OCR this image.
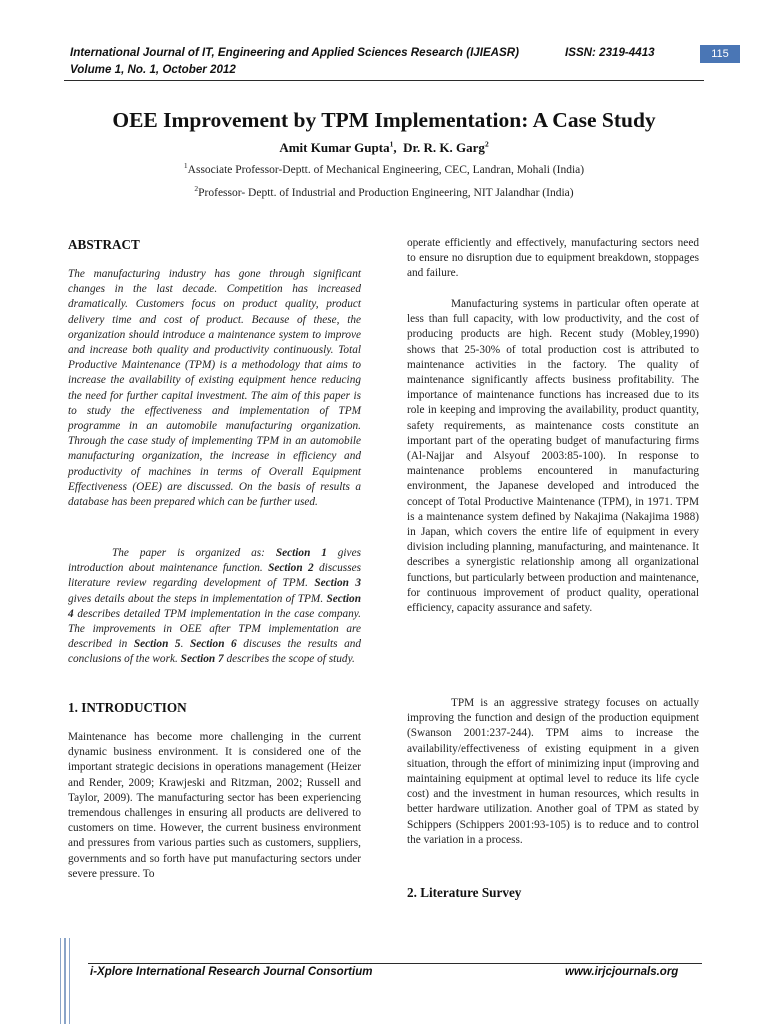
International Journal of IT, Engineering and Applied Sciences Research (IJIEASR)
Volume 1, No. 1, October 2012
ISSN: 2319-4413	115
OEE Improvement by TPM Implementation: A Case Study
Amit Kumar Gupta$^1$,  Dr. R. K. Garg$^2$
$^1$Associate Professor-Deptt. of Mechanical Engineering, CEC, Landran, Mohali (India)
$^2$Professor- Deptt. of Industrial and Production Engineering, NIT Jalandhar (India)
ABSTRACT
The manufacturing industry has gone through significant changes in the last decade. Competition has increased dramatically. Customers focus on product quality, product delivery time and cost of product. Because of these, the organization should introduce a maintenance system to improve and increase both quality and productivity continuously. Total Productive Maintenance (TPM) is a methodology that aims to increase the availability of existing equipment hence reducing the need for further capital investment. The aim of this paper is to study the effectiveness and implementation of TPM programme in an automobile manufacturing organization. Through the case study of implementing TPM in an automobile manufacturing organization, the increase in efficiency and productivity of machines in terms of Overall Equipment Effectiveness (OEE) are discussed. On the basis of results a database has been prepared which can be further used.
The paper is organized as: Section 1 gives introduction about maintenance function. Section 2 discusses literature review regarding development of TPM. Section 3 gives details about the steps in implementation of TPM. Section 4 describes detailed TPM implementation in the case company. The improvements in OEE after TPM implementation are described in Section 5. Section 6 discuses the results and conclusions of the work. Section 7 describes the scope of study.
1. INTRODUCTION
Maintenance has become more challenging in the current dynamic business environment. It is considered one of the important strategic decisions in operations management (Heizer and Render, 2009; Krawjeski and Ritzman, 2002; Russell and Taylor, 2009). The manufacturing sector has been experiencing tremendous challenges in ensuring all products are delivered to customers on time. However, the current business environment and pressures from various parties such as customers, suppliers, governments and so forth have put manufacturing sectors under severe pressure. To
operate efficiently and effectively, manufacturing sectors need to ensure no disruption due to equipment breakdown, stoppages and failure.
Manufacturing systems in particular often operate at less than full capacity, with low productivity, and the cost of producing products are high. Recent study (Mobley,1990) shows that 25-30% of total production cost is attributed to maintenance activities in the factory. The quality of maintenance significantly affects business profitability. The importance of maintenance functions has increased due to its role in keeping and improving the availability, product quantity, safety requirements, as maintenance costs constitute an important part of the operating budget of manufacturing firms (Al-Najjar and Alsyouf 2003:85-100). In response to maintenance problems encountered in manufacturing environment, the Japanese developed and introduced the concept of Total Productive Maintenance (TPM), in 1971. TPM is a maintenance system defined by Nakajima (Nakajima 1988) in Japan, which covers the entire life of equipment in every division including planning, manufacturing, and maintenance. It describes a synergistic relationship among all organizational functions, but particularly between production and maintenance, for continuous improvement of product quality, operational efficiency, capacity assurance and safety.
TPM is an aggressive strategy focuses on actually improving the function and design of the production equipment (Swanson 2001:237-244). TPM aims to increase the availability/effectiveness of existing equipment in a given situation, through the effort of minimizing input (improving and maintaining equipment at optimal level to reduce its life cycle cost) and the investment in human resources, which results in better hardware utilization. Another goal of TPM as stated by Schippers (Schippers 2001:93-105) is to reduce and to control the variation in a process.
2. Literature Survey
i-Xplore International Research Journal Consortium	www.irjcjournals.org
